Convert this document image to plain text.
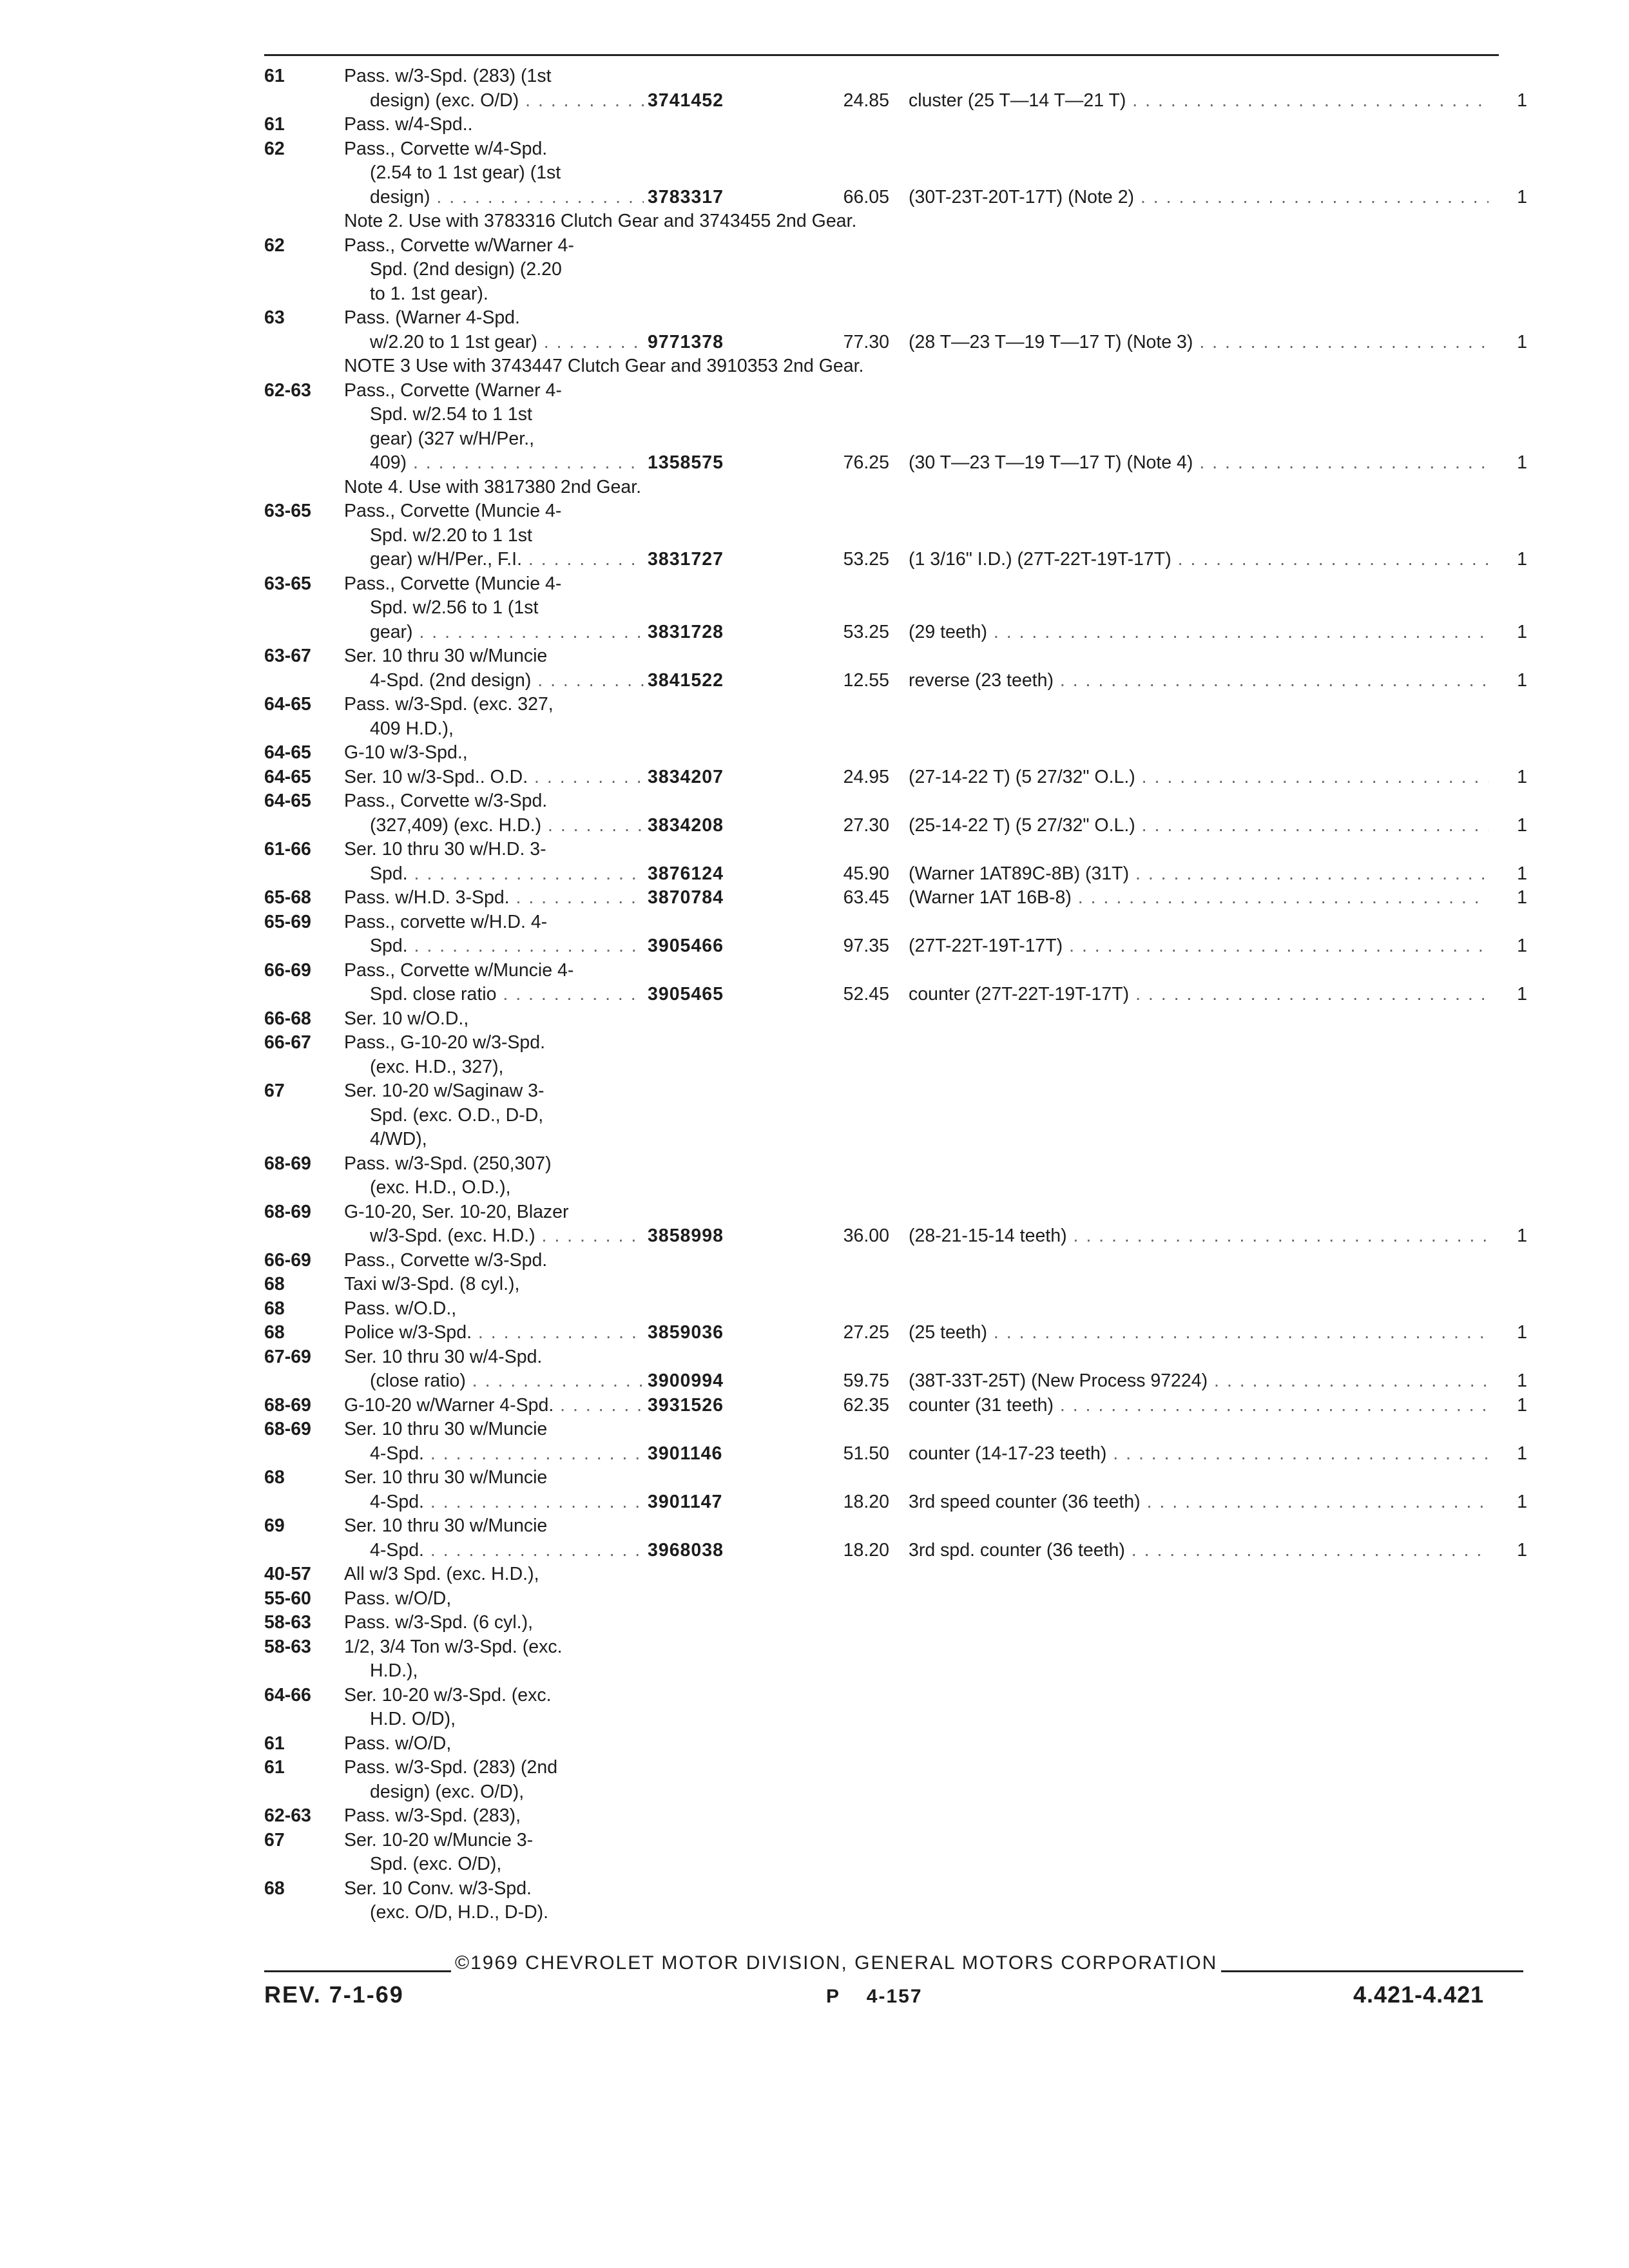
61	Pass. w/3-Spd. (283) (1st
design) (exc. O/D) . . .	3741452	24.85 cluster (25 T—14 T—21 T) . . .	1
61	Pass. w/4-Spd..
62	Pass., Corvette w/4-Spd.
(2.54 to 1 1st gear) (1st
design) . . .	3783317	66.05 (30T-23T-20T-17T) (Note 2) . . .	1
Note 2. Use with 3783316 Clutch Gear and 3743455 2nd Gear.
62	Pass., Corvette w/Warner 4-
Spd. (2nd design) (2.20
to 1. 1st gear).
63	Pass. (Warner 4-Spd.
w/2.20 to 1 1st gear) . . .	9771378	77.30 (28 T—23 T—19 T—17 T) (Note 3) . . .	1
NOTE 3 Use with 3743447 Clutch Gear and 3910353 2nd Gear.
62-63	Pass., Corvette (Warner 4-
Spd. w/2.54 to 1 1st
gear) (327 w/H/Per.,
409) . . .	1358575	76.25 (30 T—23 T—19 T—17 T) (Note 4) . . .	1
Note 4. Use with 3817380 2nd Gear.
63-65	Pass., Corvette (Muncie 4-
Spd. w/2.20 to 1 1st
gear) w/H/Per., F.I. . . .	3831727	53.25 (1 3/16" I.D.) (27T-22T-19T-17T) . . .	1
63-65	Pass., Corvette (Muncie 4-
Spd. w/2.56 to 1 (1st
gear) . . .	3831728	53.25 (29 teeth) . . .	1
63-67	Ser. 10 thru 30 w/Muncie
4-Spd. (2nd design) . . .	3841522	12.55 reverse (23 teeth) . . .	1
64-65	Pass. w/3-Spd. (exc. 327,
409 H.D.),
64-65	G-10 w/3-Spd.,
64-65	Ser. 10 w/3-Spd.. O.D. . . .	3834207	24.95 (27-14-22 T) (5 27/32" O.L.) . . .	1
64-65	Pass., Corvette w/3-Spd.
(327,409) (exc. H.D.) . . .	3834208	27.30 (25-14-22 T) (5 27/32" O.L.) . . .	1
61-66	Ser. 10 thru 30 w/H.D. 3-
Spd. . . .	3876124	45.90 (Warner 1AT89C-8B) (31T) . . .	1
65-68	Pass. w/H.D. 3-Spd. . . .	3870784	63.45 (Warner 1AT 16B-8) . . .	1
65-69	Pass., corvette w/H.D. 4-
Spd. . . .	3905466	97.35 (27T-22T-19T-17T) . . .	1
66-69	Pass., Corvette w/Muncie 4-
Spd. close ratio . . .	3905465	52.45 counter (27T-22T-19T-17T) . . .	1
66-68	Ser. 10 w/O.D.,
66-67	Pass., G-10-20 w/3-Spd.
(exc. H.D., 327),
67	Ser. 10-20 w/Saginaw 3-
Spd. (exc. O.D., D-D,
4/WD),
68-69	Pass. w/3-Spd. (250,307)
(exc. H.D., O.D.),
68-69	G-10-20, Ser. 10-20, Blazer
w/3-Spd. (exc. H.D.) . . .	3858998	36.00 (28-21-15-14 teeth) . . .	1
66-69	Pass., Corvette w/3-Spd.
68	Taxi w/3-Spd. (8 cyl.),
68	Pass. w/O.D.,
68	Police w/3-Spd. . . .	3859036	27.25 (25 teeth) . . .	1
67-69	Ser. 10 thru 30 w/4-Spd.
(close ratio) . . .	3900994	59.75 (38T-33T-25T) (New Process 97224) . . .	1
68-69	G-10-20 w/Warner 4-Spd. . . .	3931526	62.35 counter (31 teeth) . . .	1
68-69	Ser. 10 thru 30 w/Muncie
4-Spd. . . .	3901146	51.50 counter (14-17-23 teeth) . . .	1
68	Ser. 10 thru 30 w/Muncie
4-Spd. . . .	3901147	18.20 3rd speed counter (36 teeth) . . .	1
69	Ser. 10 thru 30 w/Muncie
4-Spd. . . .	3968038	18.20 3rd spd. counter (36 teeth) . . .	1
40-57	All w/3 Spd. (exc. H.D.),
55-60	Pass. w/O/D,
58-63	Pass. w/3-Spd. (6 cyl.),
58-63	1/2, 3/4 Ton w/3-Spd. (exc.
H.D.),
64-66	Ser. 10-20 w/3-Spd. (exc.
H.D. O/D),
61	Pass. w/O/D,
61	Pass. w/3-Spd. (283) (2nd
design) (exc. O/D),
62-63	Pass. w/3-Spd. (283),
67	Ser. 10-20 w/Muncie 3-
Spd. (exc. O/D),
68	Ser. 10 Conv. w/3-Spd.
(exc. O/D, H.D., D-D).
©1969 CHEVROLET MOTOR DIVISION, GENERAL MOTORS CORPORATION
REV. 7-1-69	P    4-157	4.421-4.421
